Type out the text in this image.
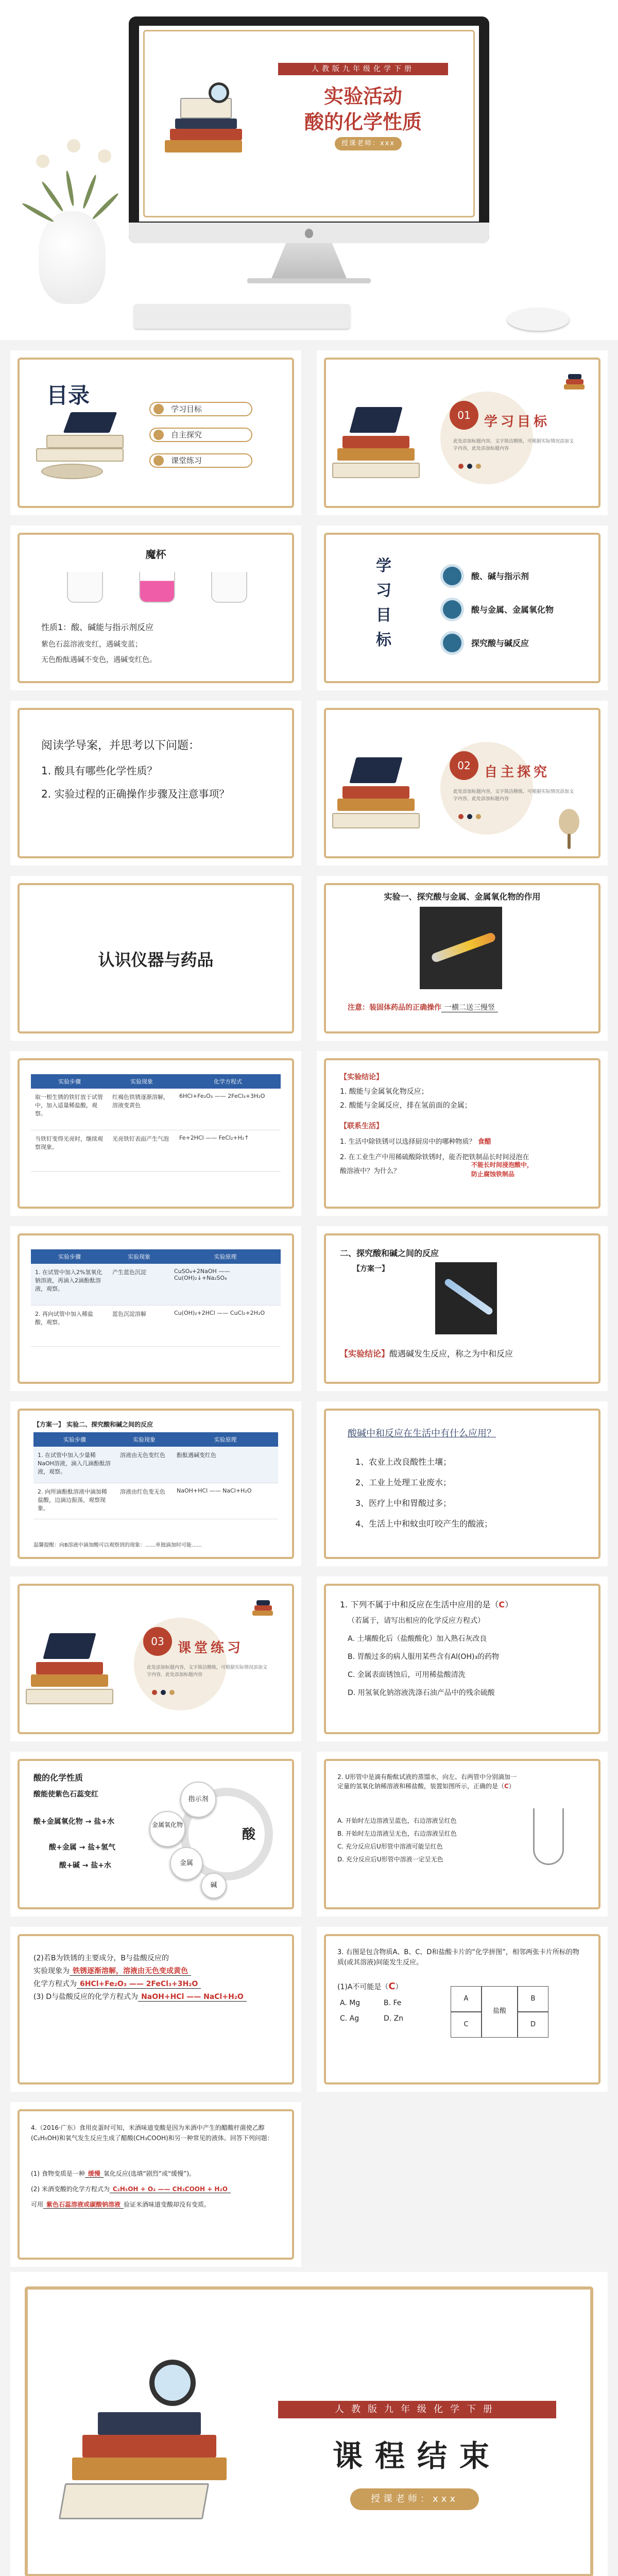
人教版九年级化学下册
实验活动
酸的化学性质
授课老师：xxx
目录
学习目标
自主探究
课堂练习
01	学习目标
此处添加标题内容，文字简洁精炼，可根据实际情况添加文字内容，此处添加标题内容
魔杯
性质1：酸、碱能与指示剂反应
紫色石蕊溶液变红，遇碱变蓝；
无色酚酞遇碱不变色，遇碱变红色。
学
习
目
标
酸、碱与指示剂
酸与金属、金属氧化物
探究酸与碱反应
阅读学导案，并思考以下问题：
1. 酸具有哪些化学性质？
2. 实验过程的正确操作步骤及注意事项？
02	自主探究
此处添加标题内容，文字简洁精炼，可根据实际情况添加文字内容，此处添加标题内容
认识仪器与药品
实验一、探究酸与金属、金属氧化物的作用
注意：装固体药品的正确操作 一横二送三慢竖
实验步骤	实验现象	化学方程式
取一根生锈的铁钉放于试管中，加入适量稀盐酸，观察。	红褐色铁锈逐渐溶解，溶液变黄色	6HCl+Fe₂O₃ —— 2FeCl₃+3H₂O
当铁钉变得光亮时，继续观察现象。	光亮铁钉表面产生气泡	Fe+2HCl —— FeCl₂+H₂↑
【实验结论】
1. 酸能与金属氧化物反应；
2. 酸能与金属反应，排在氢前面的金属；
【联系生活】
1. 生活中除铁锈可以选择厨房中的哪种物质？ 食醋
2. 在工业生产中用稀硫酸除铁锈时，能否把铁制品长时间浸泡在
酸溶液中？为什么？
不能长时间浸泡酸中，
防止腐蚀铁制品
实验步骤	实验现象	实验原理
1. 在试管中加入2%氢氧化钠溶液，再滴入2滴酚酞溶液，观察。	产生蓝色沉淀	CuSO₄+2NaOH —— Cu(OH)₂↓+Na₂SO₄
2. 再向试管中加入稀盐酸，观察。	蓝色沉淀溶解	Cu(OH)₂+2HCl —— CuCl₂+2H₂O
二、探究酸和碱之间的反应
【方案一】
【实验结论】酸遇碱发生反应，称之为中和反应
【方案一】 实验二、探究酸和碱之间的反应
实验步骤	实验现象	实验原理
1. 在试管中加入少量稀NaOH溶液，滴入几滴酚酞溶液，观察。	溶液由无色变红色	酚酞遇碱变红色
2. 向所滴酚酞溶液中滴加稀盐酸，边滴边振荡，观察现象。	溶液由红色变无色	NaOH+HCl —— NaCl+H₂O
温馨提醒：向B溶液中滴加酸可以观察到的现象：……单独滴加时可能……
酸碱中和反应在生活中有什么应用？
1、农业上改良酸性土壤；
2、工业上处理工业废水；
3、医疗上中和胃酸过多；
4、生活上中和蚊虫叮咬产生的酸液；
03	课堂练习
此处添加标题内容，文字简洁精炼，可根据实际情况添加文字内容，此处添加标题内容
1. 下列不属于中和反应在生活中应用的是（C）
（若属于，请写出相应的化学反应方程式）
A. 土壤酸化后（盐酸酸化）加入熟石灰改良
B. 胃酸过多的病人服用某些含有Al(OH)₃的药物
C. 金属表面锈蚀后，可用稀盐酸清洗
D. 用氢氧化钠溶液洗涤石油产品中的残余硫酸
酸的化学性质
酸能使紫色石蕊变红
酸+金属氧化物 → 盐+水
酸+金属 → 盐+氢气
酸+碱 → 盐+水
指示剂
金属氧化物
金属
碱
酸
2. U形管中是滴有酚酞试液的蒸馏水，向左、右两管中分别滴加一定量的氢氧化钠稀溶液和稀盐酸，装置如图所示，正确的是（C）
A. 开始时左边溶液呈蓝色，右边溶液呈红色
B. 开始时左边溶液呈无色，右边溶液呈红色
C. 充分反应后U形管中溶液可能呈红色
D. 充分反应后U形管中溶液一定呈无色
(2)若B为铁锈的主要成分，B与盐酸反应的
实验现象为 铁锈逐渐溶解，溶液由无色变成黄色
化学方程式为 6HCl+Fe₂O₃ —— 2FeCl₃+3H₂O
(3) D与盐酸反应的化学方程式为 NaOH+HCl —— NaCl+H₂O
3. 右图是包含物质A、B、C、D和盐酸卡片的“化学拼图”，相邻两张卡片所标的物质(或其溶液)间能发生反应。
(1)A不可能是（C）
A. Mg	B. Fe
C. Ag	D. Zn
A
盐酸
B
C	D
4.（2016·广东）食用皮蛋时可知，米酒味道变酸是因为米酒中产生的醋酸杆菌使乙醇(C₂H₅OH)和氧气发生反应生成了醋酸(CH₃COOH)和另一种常见的液体。回答下列问题：
(1) 食物变质是一种 缓慢 氧化反应(选填“剧烈”或“缓慢”)。
(2) 米酒变酸的化学方程式为 C₂H₅OH + O₂ —— CH₃COOH + H₂O
可用 紫色石蕊溶液或碳酸钠溶液 验证米酒味道变酸却没有变质。
人教版九年级化学下册
课程结束
授课老师：xxx
